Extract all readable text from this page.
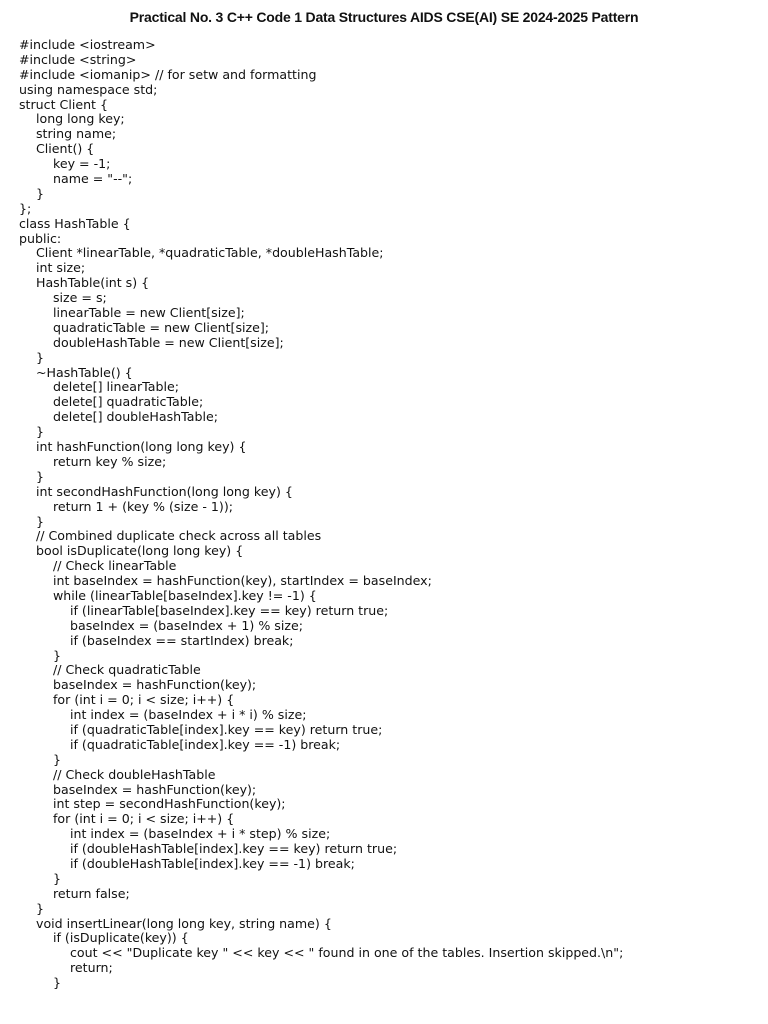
Practical No. 3 C++ Code 1 Data Structures AIDS CSE(AI) SE 2024-2025 Pattern
#include <iostream>
#include <string>
#include <iomanip> // for setw and formatting
using namespace std;
struct Client {
long long key;
string name;
Client() {
key = -1;
name = "--";
}
};
class HashTable {
public:
Client *linearTable, *quadraticTable, *doubleHashTable;
int size;
HashTable(int s) {
size = s;
linearTable = new Client[size];
quadraticTable = new Client[size];
doubleHashTable = new Client[size];
}
~HashTable() {
delete[] linearTable;
delete[] quadraticTable;
delete[] doubleHashTable;
}
int hashFunction(long long key) {
return key % size;
}
int secondHashFunction(long long key) {
return 1 + (key % (size - 1));
}
// Combined duplicate check across all tables
bool isDuplicate(long long key) {
// Check linearTable
int baseIndex = hashFunction(key), startIndex = baseIndex;
while (linearTable[baseIndex].key != -1) {
if (linearTable[baseIndex].key == key) return true;
baseIndex = (baseIndex + 1) % size;
if (baseIndex == startIndex) break;
}
// Check quadraticTable
baseIndex = hashFunction(key);
for (int i = 0; i < size; i++) {
int index = (baseIndex + i * i) % size;
if (quadraticTable[index].key == key) return true;
if (quadraticTable[index].key == -1) break;
}
// Check doubleHashTable
baseIndex = hashFunction(key);
int step = secondHashFunction(key);
for (int i = 0; i < size; i++) {
int index = (baseIndex + i * step) % size;
if (doubleHashTable[index].key == key) return true;
if (doubleHashTable[index].key == -1) break;
}
return false;
}
void insertLinear(long long key, string name) {
if (isDuplicate(key)) {
cout << "Duplicate key " << key << " found in one of the tables. Insertion skipped.\n";
return;
}
